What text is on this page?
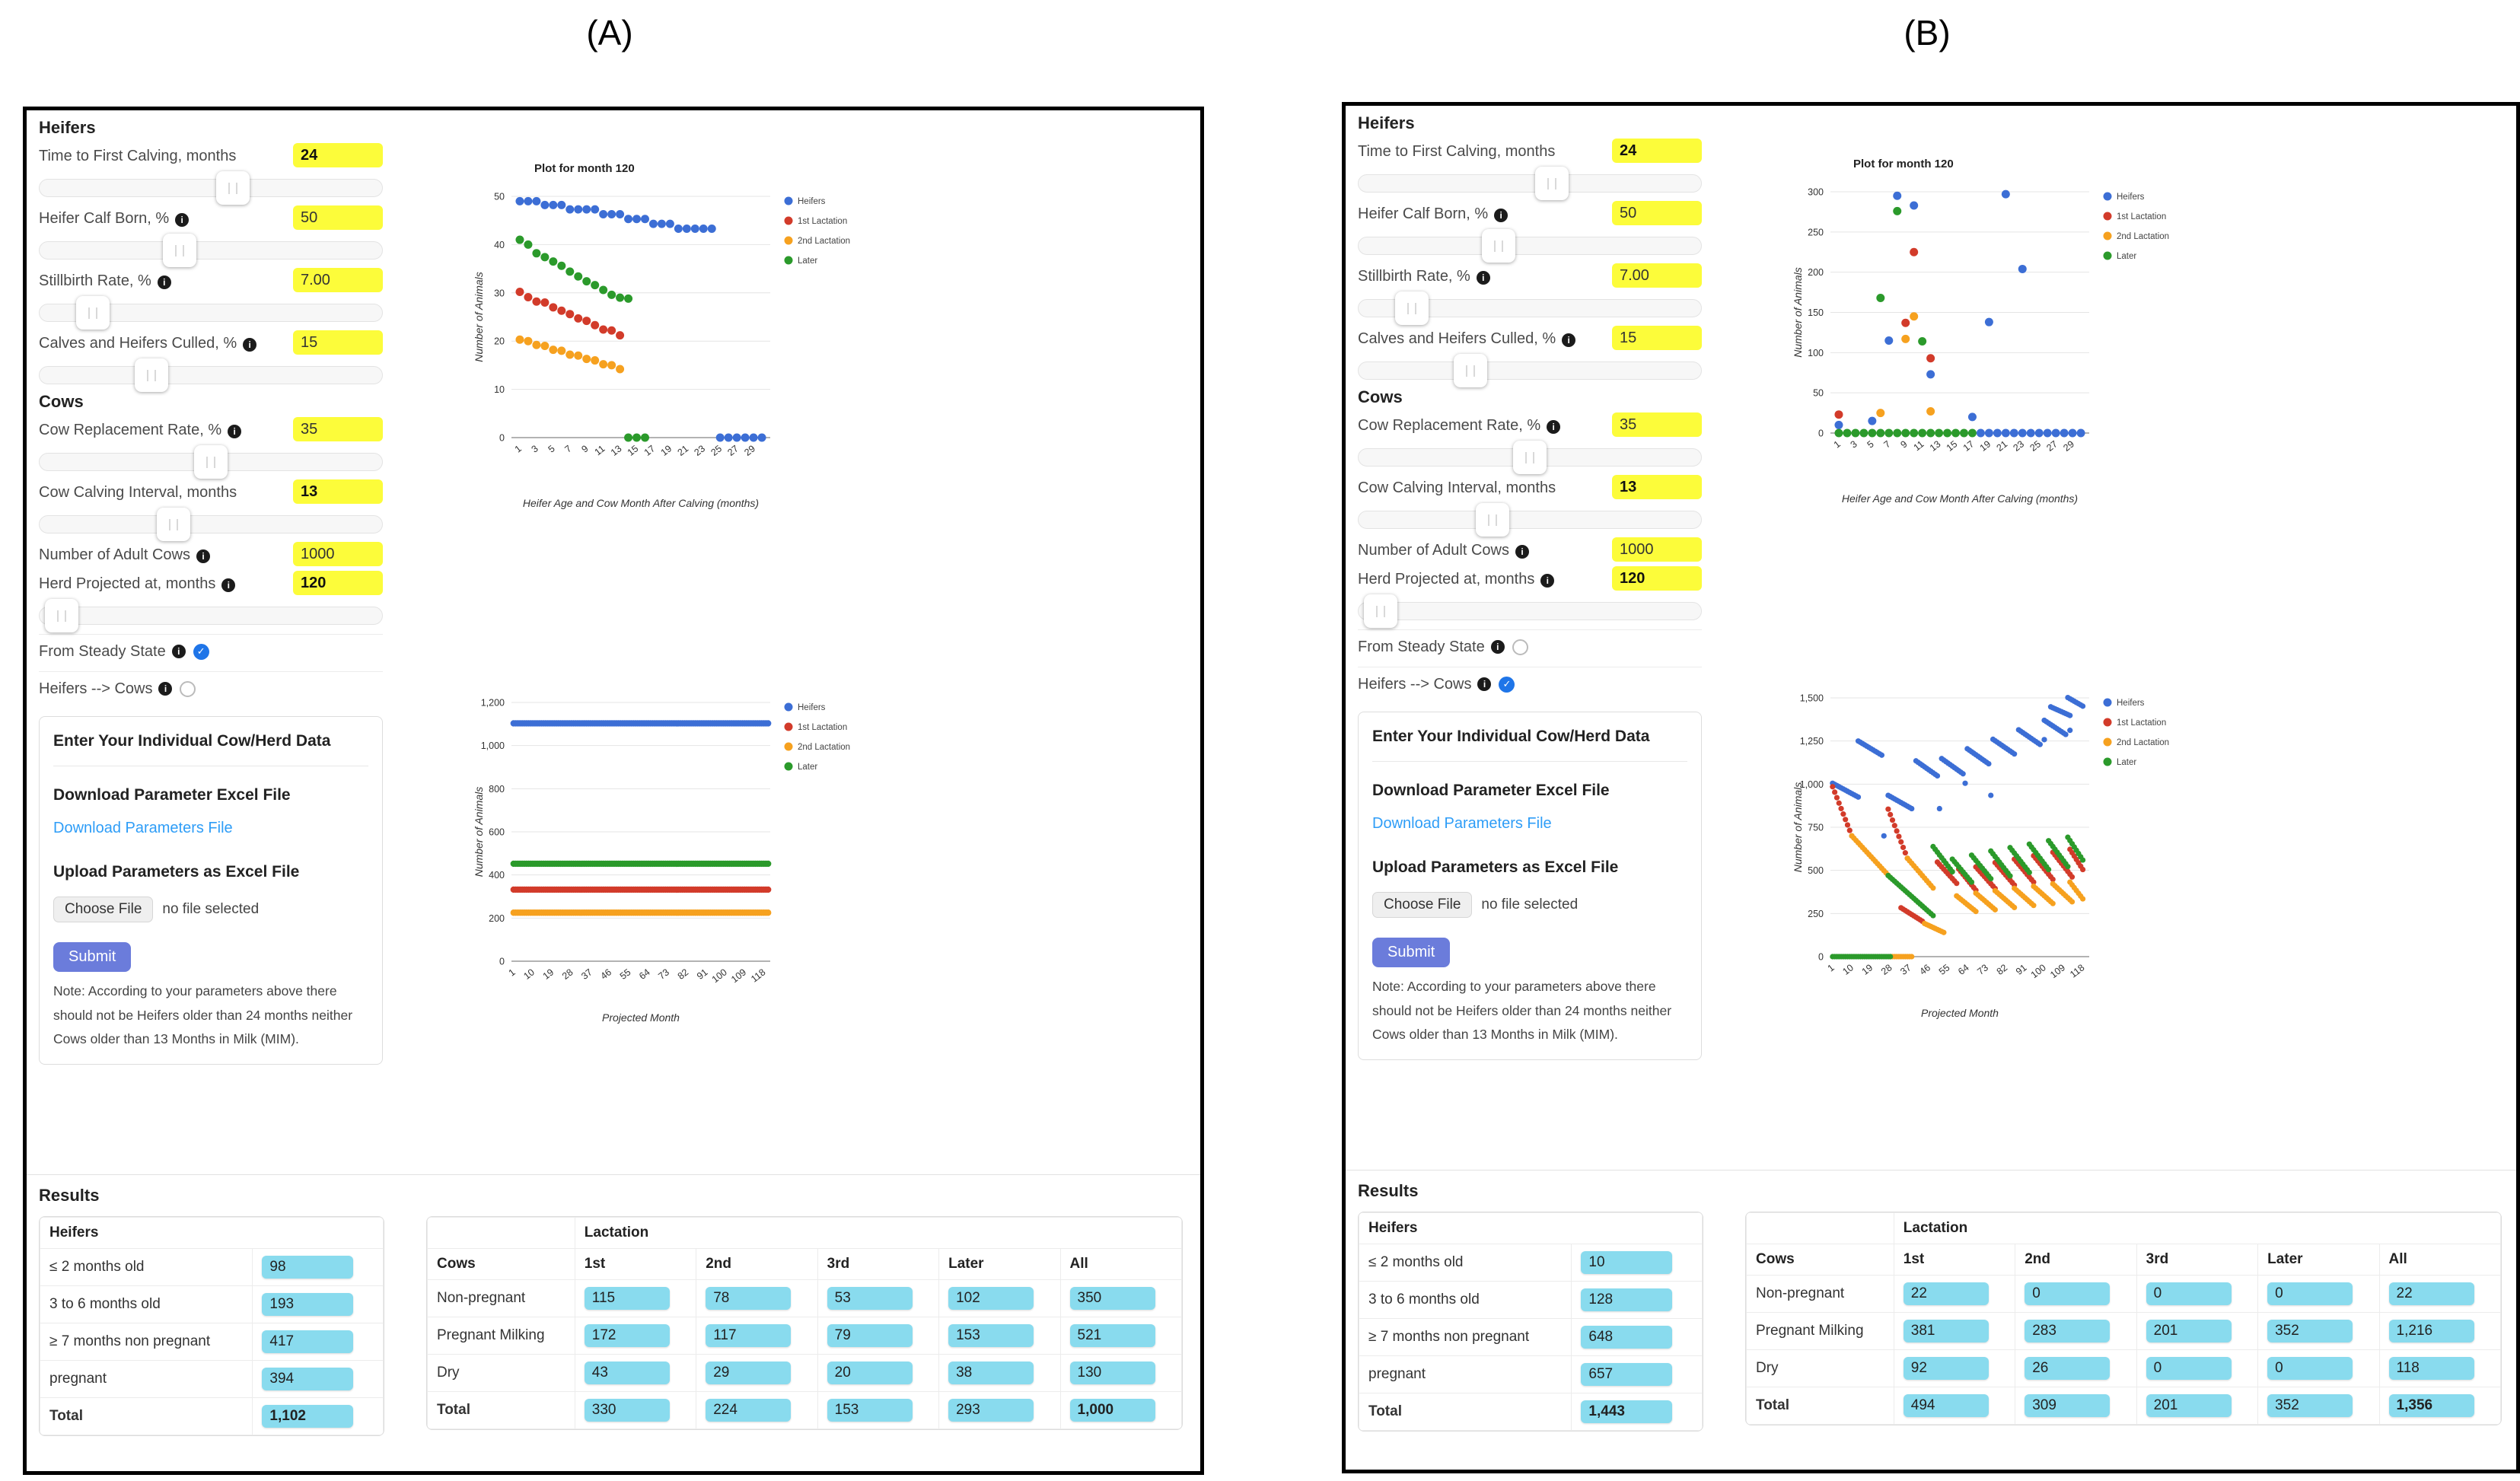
(A)	(B)
Heifers
Time to First Calving, months	24
Heifer Calf Born, % i	50
Stillbirth Rate, % i	7.00
Calves and Heifers Culled, % i	15
Cows
Cow Replacement Rate, % i	35
Cow Calving Interval, months	13
Number of Adult Cows i	1000
Herd Projected at, months i	120
From Steady State	i	✓
Heifers --> Cows	i
Enter Your Individual Cow/Herd Data
Download Parameter Excel File
Download Parameters File
Upload Parameters as Excel File
Choose File	no file selected
Submit
Note: According to your parameters above there should not be Heifers older than 24 months neither Cows older than 13 Months in Milk (MIM).
0
10
20
30
40
50
1 3 5 7 9 11 13 15 17 19 21 23 25 27 29
Plot for month 120
Number of Animals
Heifer Age and Cow Month After Calving (months)
Heifers
1st Lactation
2nd Lactation
Later
0
200
400
600
800
1,000
1,200
1 10 19 28 37 46 55 64 73 82 91 100 109 118
Number of Animals
Projected Month
Heifers
1st Lactation
2nd Lactation
Later
Results
Heifers	
≤ 2 months old	98
3 to 6 months old	193
≥ 7 months non pregnant	417
pregnant	394
Total	1,102
	Lactation				
Cows	1st	2nd	3rd	Later	All
Non-pregnant	115	78	53	102	350
Pregnant Milking	172	117	79	153	521
Dry	43	29	20	38	130
Total	330	224	153	293	1,000
Heifers
Time to First Calving, months	24
Heifer Calf Born, % i	50
Stillbirth Rate, % i	7.00
Calves and Heifers Culled, % i	15
Cows
Cow Replacement Rate, % i	35
Cow Calving Interval, months	13
Number of Adult Cows i	1000
Herd Projected at, months i	120
From Steady State	i
Heifers --> Cows	i	✓
Enter Your Individual Cow/Herd Data
Download Parameter Excel File
Download Parameters File
Upload Parameters as Excel File
Choose File	no file selected
Submit
Note: According to your parameters above there should not be Heifers older than 24 months neither Cows older than 13 Months in Milk (MIM).
0
50
100
150
200
250
300
1 3 5 7 9 11 13 15 17 19 21 23 25 27 29
Plot for month 120
Number of Animals
Heifer Age and Cow Month After Calving (months)
Heifers
1st Lactation
2nd Lactation
Later
0
250
500
750
1,000
1,250
1,500
1 10 19 28 37 46 55 64 73 82 91 100 109 118
Number of Animals
Projected Month
Heifers
1st Lactation
2nd Lactation
Later
Results
Heifers	
≤ 2 months old	10
3 to 6 months old	128
≥ 7 months non pregnant	648
pregnant	657
Total	1,443
	Lactation				
Cows	1st	2nd	3rd	Later	All
Non-pregnant	22	0	0	0	22
Pregnant Milking	381	283	201	352	1,216
Dry	92	26	0	0	118
Total	494	309	201	352	1,356
